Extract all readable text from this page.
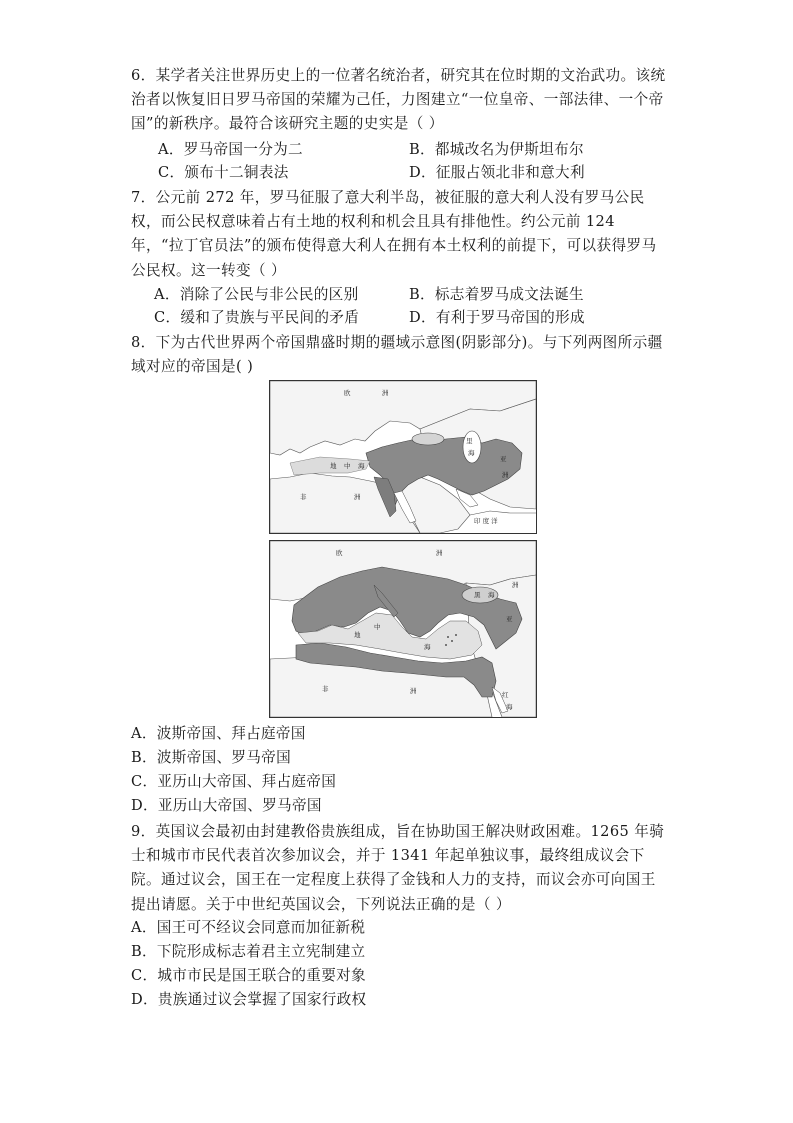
6．某学者关注世界历史上的一位著名统治者，研究其在位时期的文治武功。该统治者以恢复旧日罗马帝国的荣耀为己任，力图建立“一位皇帝、一部法律、一个帝国”的新秩序。最符合该研究主题的史实是（ ）
A．罗马帝国一分为二	B．都城改名为伊斯坦布尔
C．颁布十二铜表法	D．征服占领北非和意大利
7．公元前 272 年，罗马征服了意大利半岛，被征服的意大利人没有罗马公民权，而公民权意味着占有土地的权利和机会且具有排他性。约公元前 124 年，“拉丁官员法”的颁布使得意大利人在拥有本土权利的前提下，可以获得罗马公民权。这一转变（ ）
A．消除了公民与非公民的区别	B．标志着罗马成文法诞生
C．缓和了贵族与平民间的矛盾	D．有利于罗马帝国的形成
8．下为古代世界两个帝国鼎盛时期的疆域示意图(阴影部分)。与下列两图所示疆域对应的帝国是( )
欧	洲
里
海
亚
洲
非	洲
印 度 洋
地 中 海
欧	洲
黑 海
亚
洲
地
中
海
非	洲	红
海
A．波斯帝国、拜占庭帝国
B．波斯帝国、罗马帝国
C．亚历山大帝国、拜占庭帝国
D．亚历山大帝国、罗马帝国
9．英国议会最初由封建教俗贵族组成，旨在协助国王解决财政困难。1265 年骑士和城市市民代表首次参加议会，并于 1341 年起单独议事，最终组成议会下院。通过议会，国王在一定程度上获得了金钱和人力的支持，而议会亦可向国王提出请愿。关于中世纪英国议会，下列说法正确的是（ ）
A．国王可不经议会同意而加征新税
B．下院形成标志着君主立宪制建立
C．城市市民是国王联合的重要对象
D．贵族通过议会掌握了国家行政权
